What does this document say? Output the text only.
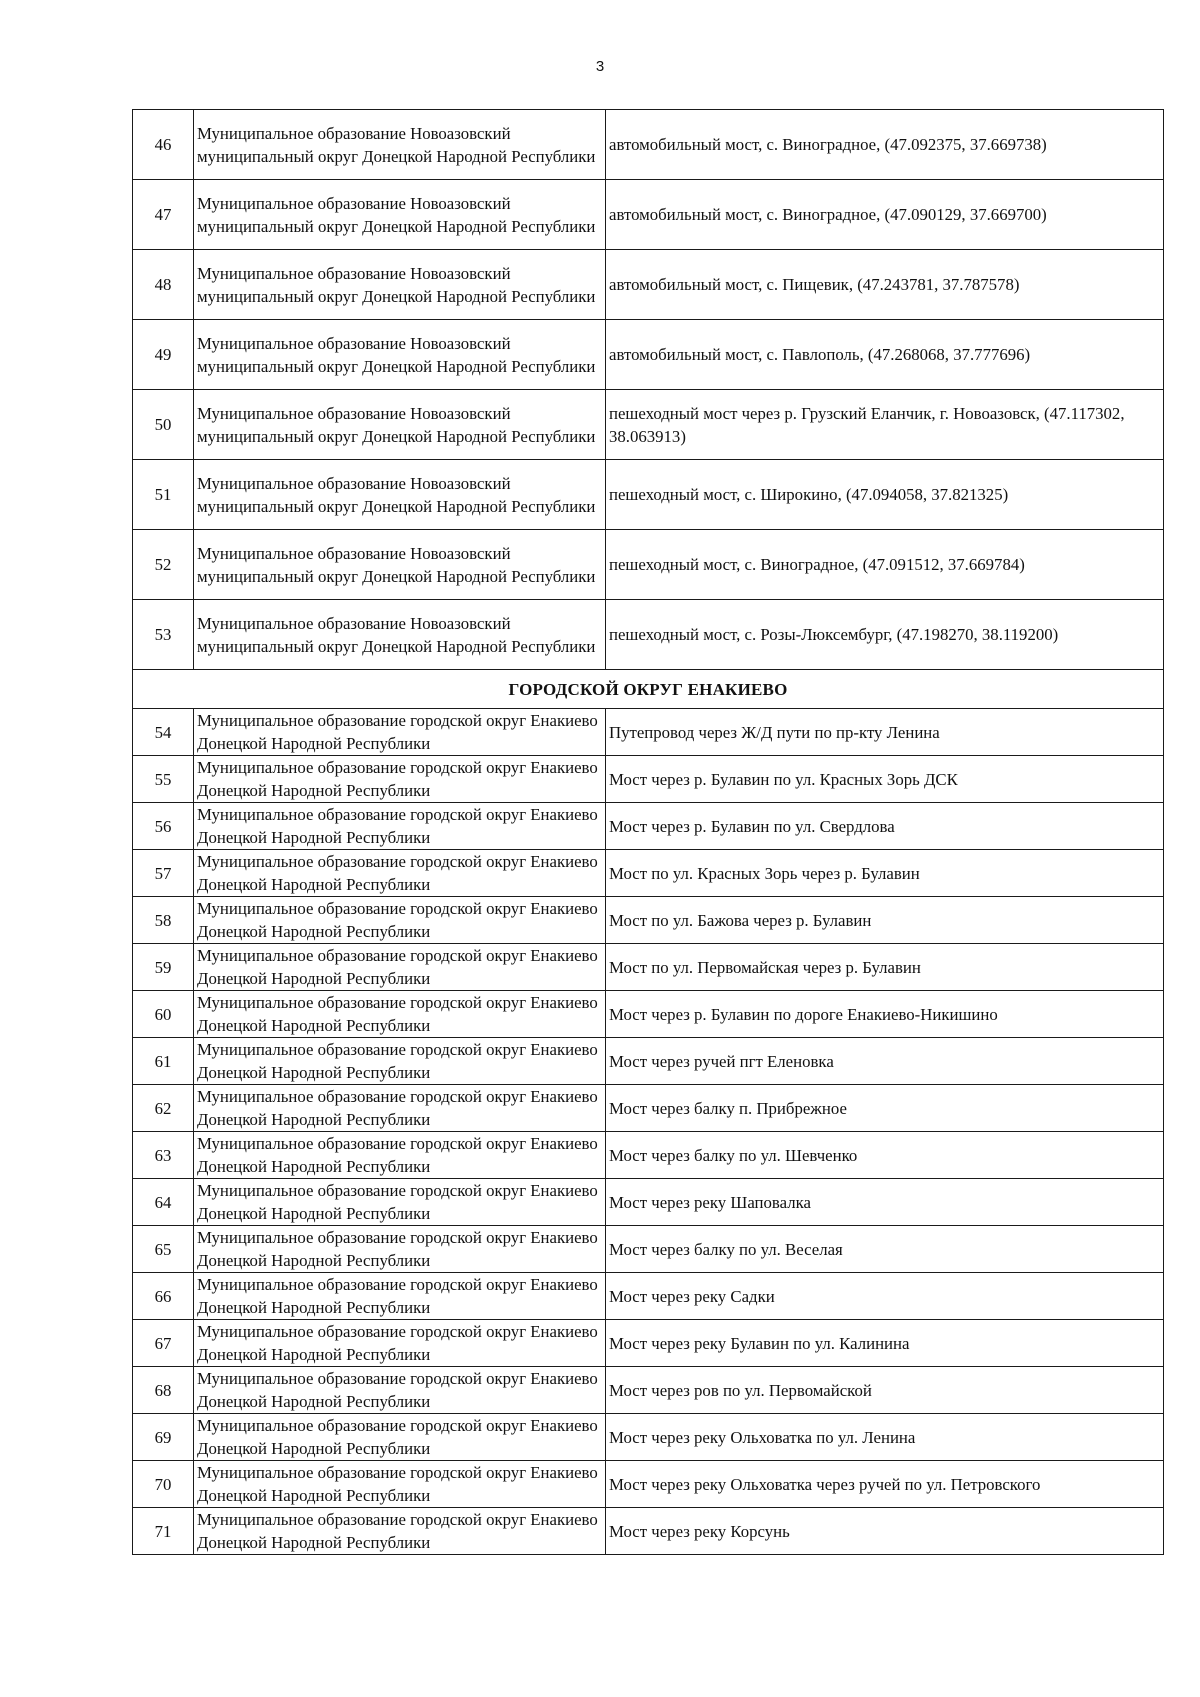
3
46	Муниципальное образование Новоазовский муниципальный округ Донецкой Народной Республики	автомобильный мост, с. Виноградное, (47.092375, 37.669738)
47	Муниципальное образование Новоазовский муниципальный округ Донецкой Народной Республики	автомобильный мост, с. Виноградное, (47.090129, 37.669700)
48	Муниципальное образование Новоазовский муниципальный округ Донецкой Народной Республики	автомобильный мост, с. Пищевик, (47.243781, 37.787578)
49	Муниципальное образование Новоазовский муниципальный округ Донецкой Народной Республики	автомобильный мост, с. Павлополь, (47.268068, 37.777696)
50	Муниципальное образование Новоазовский муниципальный округ Донецкой Народной Республики	пешеходный мост через р. Грузский Еланчик, г. Новоазовск, (47.117302, 38.063913)
51	Муниципальное образование Новоазовский муниципальный округ Донецкой Народной Республики	пешеходный мост, с. Широкино, (47.094058, 37.821325)
52	Муниципальное образование Новоазовский муниципальный округ Донецкой Народной Республики	пешеходный мост, с. Виноградное, (47.091512, 37.669784)
53	Муниципальное образование Новоазовский муниципальный округ Донецкой Народной Республики	пешеходный мост, с. Розы-Люксембург, (47.198270, 38.119200)
ГОРОДСКОЙ ОКРУГ ЕНАКИЕВО		
54	Муниципальное образование городской округ Енакиево Донецкой Народной Республики	Путепровод через Ж/Д пути по пр-кту Ленина
55	Муниципальное образование городской округ Енакиево Донецкой Народной Республики	Мост через р. Булавин по ул. Красных Зорь ДСК
56	Муниципальное образование городской округ Енакиево Донецкой Народной Республики	Мост через р. Булавин по ул. Свердлова
57	Муниципальное образование городской округ Енакиево Донецкой Народной Республики	Мост по ул. Красных Зорь через р. Булавин
58	Муниципальное образование городской округ Енакиево Донецкой Народной Республики	Мост по ул. Бажова через р. Булавин
59	Муниципальное образование городской округ Енакиево Донецкой Народной Республики	Мост по ул. Первомайская через р. Булавин
60	Муниципальное образование городской округ Енакиево Донецкой Народной Республики	Мост через р. Булавин по дороге Енакиево-Никишино
61	Муниципальное образование городской округ Енакиево Донецкой Народной Республики	Мост через ручей пгт Еленовка
62	Муниципальное образование городской округ Енакиево Донецкой Народной Республики	Мост через балку п. Прибрежное
63	Муниципальное образование городской округ Енакиево Донецкой Народной Республики	Мост через балку по ул. Шевченко
64	Муниципальное образование городской округ Енакиево Донецкой Народной Республики	Мост через реку Шаповалка
65	Муниципальное образование городской округ Енакиево Донецкой Народной Республики	Мост через балку по ул. Веселая
66	Муниципальное образование городской округ Енакиево Донецкой Народной Республики	Мост через реку Садки
67	Муниципальное образование городской округ Енакиево Донецкой Народной Республики	Мост через реку Булавин по ул. Калинина
68	Муниципальное образование городской округ Енакиево Донецкой Народной Республики	Мост через ров по ул. Первомайской
69	Муниципальное образование городской округ Енакиево Донецкой Народной Республики	Мост через реку Ольховатка по ул. Ленина
70	Муниципальное образование городской округ Енакиево Донецкой Народной Республики	Мост через реку Ольховатка через ручей по ул. Петровского
71	Муниципальное образование городской округ Енакиево Донецкой Народной Республики	Мост через реку Корсунь
